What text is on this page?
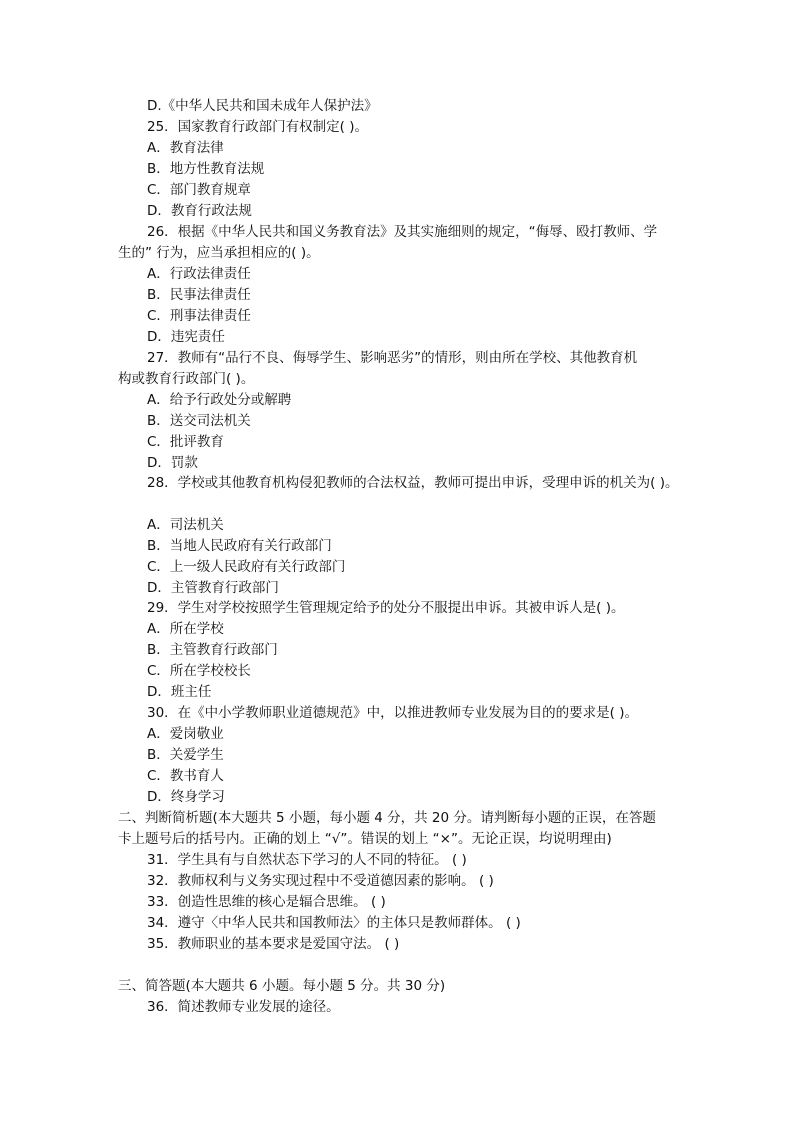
D.《中华人民共和国未成年人保护法》
25．国家教育行政部门有权制定( )。
A．教育法律
B．地方性教育法规
C．部门教育规章
D．教育行政法规
26．根据《中华人民共和国义务教育法》及其实施细则的规定，“侮辱、殴打教师、学
生的” 行为，应当承担相应的( )。
A．行政法律责任
B．民事法律责任
C．刑事法律责任
D．违宪责任
27．教师有“品行不良、侮辱学生、影响恶劣”的情形，则由所在学校、其他教育机
构或教育行政部门( )。
A．给予行政处分或解聘
B．送交司法机关
C．批评教育
D．罚款
28．学校或其他教育机构侵犯教师的合法权益，教师可提出申诉，受理申诉的机关为( )。
A．司法机关
B．当地人民政府有关行政部门
C．上一级人民政府有关行政部门
D．主管教育行政部门
29．学生对学校按照学生管理规定给予的处分不服提出申诉。其被申诉人是( )。
A．所在学校
B．主管教育行政部门
C．所在学校校长
D．班主任
30．在《中小学教师职业道德规范》中，以推进教师专业发展为目的的要求是( )。
A．爱岗敬业
B．关爱学生
C．教书育人
D．终身学习
二、判断简析题(本大题共 5 小题，每小题 4 分，共 20 分。请判断每小题的正误，在答题
卡上题号后的括号内。正确的划上 “√”。错误的划上 “×”。无论正误，均说明理由)
31．学生具有与自然状态下学习的人不同的特征。 ( )
32．教师权利与义务实现过程中不受道德因素的影响。 ( )
33．创造性思维的核心是辐合思维。 ( )
34．遵守〈中华人民共和国教师法〉的主体只是教师群体。 ( )
35．教师职业的基本要求是爱国守法。 ( )
三、简答题(本大题共 6 小题。每小题 5 分。共 30 分)
36．简述教师专业发展的途径。
